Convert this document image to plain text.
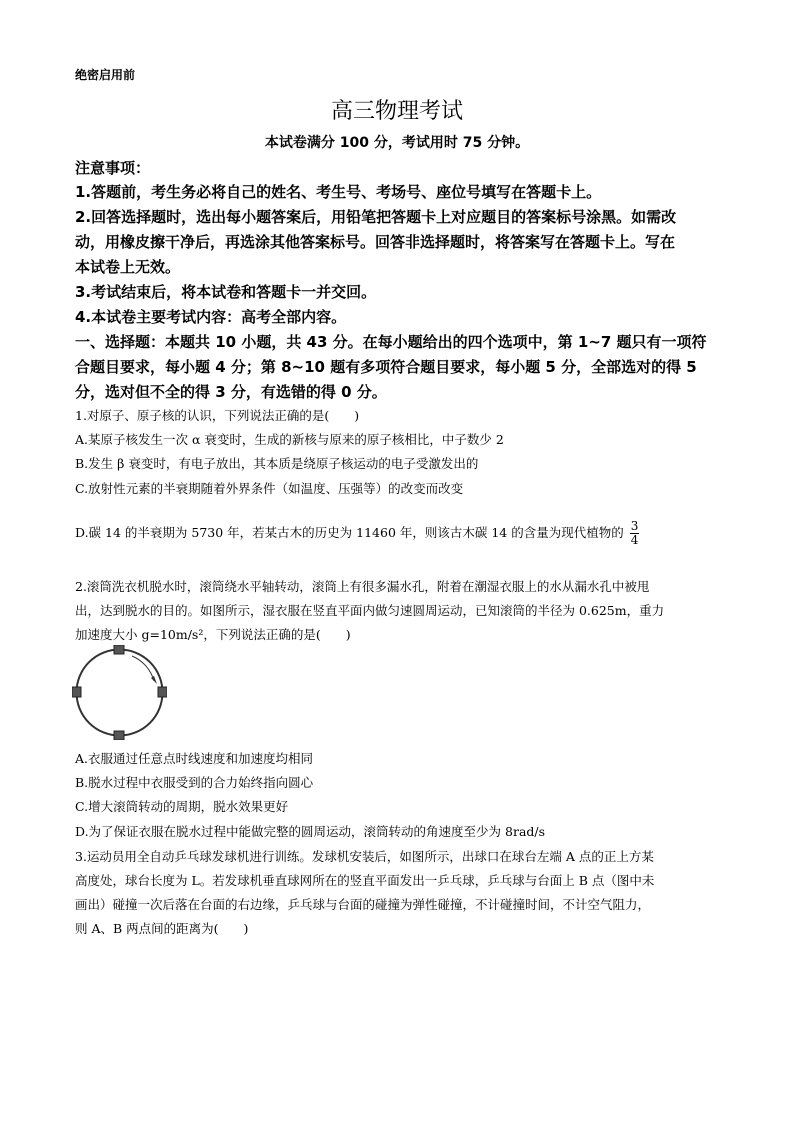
绝密启用前
高三物理考试
本试卷满分 100 分，考试用时 75 分钟。
注意事项：
1.答题前，考生务必将自己的姓名、考生号、考场号、座位号填写在答题卡上。
2.回答选择题时，选出每小题答案后，用铅笔把答题卡上对应题目的答案标号涂黑。如需改
动，用橡皮擦干净后，再选涂其他答案标号。回答非选择题时，将答案写在答题卡上。写在
本试卷上无效。
3.考试结束后，将本试卷和答题卡一并交回。
4.本试卷主要考试内容：高考全部内容。
一、选择题：本题共 10 小题，共 43 分。在每小题给出的四个选项中，第 1~7 题只有一项符
合题目要求，每小题 4 分；第 8~10 题有多项符合题目要求，每小题 5 分，全部选对的得 5
分，选对但不全的得 3 分，有选错的得 0 分。
1.对原子、原子核的认识，下列说法正确的是(　　)
A.某原子核发生一次 α 衰变时，生成的新核与原来的原子核相比，中子数少 2
B.发生 β 衰变时，有电子放出，其本质是绕原子核运动的电子受激发出的
C.放射性元素的半衰期随着外界条件（如温度、压强等）的改变而改变
D.碳 14 的半衰期为 5730 年，若某古木的历史为 11460 年，则该古木碳 14 的含量为现代植物的 $\frac{3}{4}$
2.滚筒洗衣机脱水时，滚筒绕水平轴转动，滚筒上有很多漏水孔，附着在潮湿衣服上的水从漏水孔中被甩
出，达到脱水的目的。如图所示，湿衣服在竖直平面内做匀速圆周运动，已知滚筒的半径为 0.625m，重力
加速度大小 g=10m/s²，下列说法正确的是(　　)
A.衣服通过任意点时线速度和加速度均相同
B.脱水过程中衣服受到的合力始终指向圆心
C.增大滚筒转动的周期，脱水效果更好
D.为了保证衣服在脱水过程中能做完整的圆周运动，滚筒转动的角速度至少为 8rad/s
3.运动员用全自动乒乓球发球机进行训练。发球机安装后，如图所示，出球口在球台左端 A 点的正上方某
高度处，球台长度为 L。若发球机垂直球网所在的竖直平面发出一乒乓球，乒乓球与台面上 B 点（图中未
画出）碰撞一次后落在台面的右边缘，乒乓球与台面的碰撞为弹性碰撞，不计碰撞时间，不计空气阻力，
则 A、B 两点间的距离为(　　)
